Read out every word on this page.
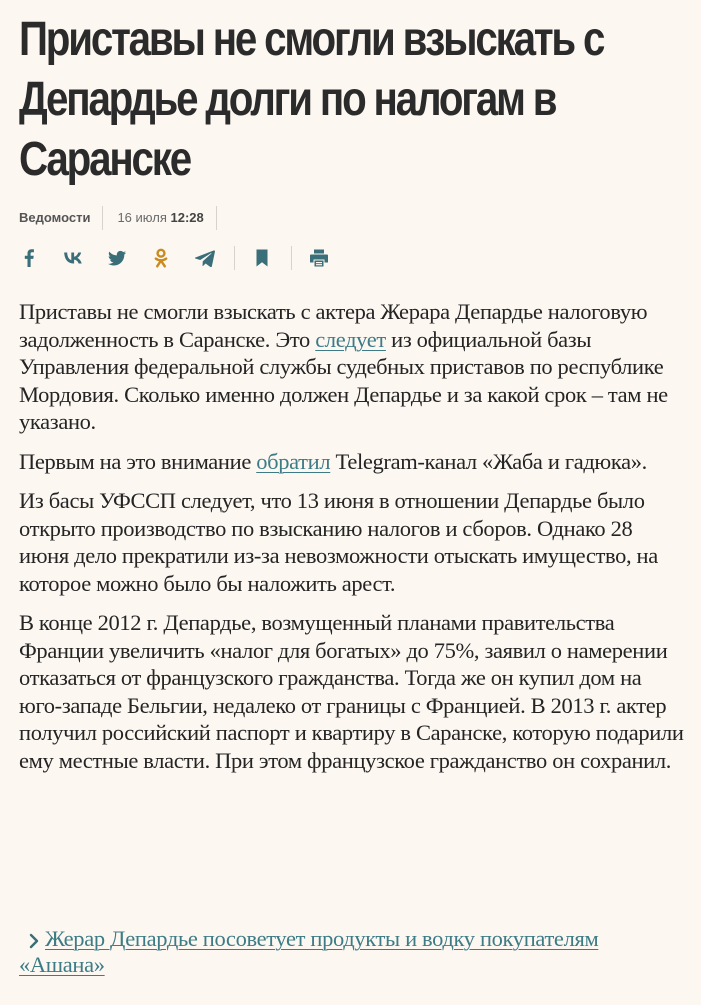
Приставы не смогли взыскать с Депардье долги по налогам в Саранске
Ведомости	16 июля 12:28

Приставы не смогли взыскать с актера Жерара Депардье налоговую задолженность в Саранске. Это следует из официальной базы Управления федеральной службы судебных приставов по республике Мордовия. Сколько именно должен Депардье и за какой срок – там не указано.

Первым на это внимание обратил Telegram-канал «Жаба и гадюка».

Из басы УФССП следует, что 13 июня в отношении Депардье было открыто производство по взысканию налогов и сборов. Однако 28 июня дело прекратили из-за невозможности отыскать имущество, на которое можно было бы наложить арест.

В конце 2012 г. Депардье, возмущенный планами правительства Франции увеличить «налог для богатых» до 75%, заявил о намерении отказаться от французского гражданства. Тогда же он купил дом на юго-западе Бельгии, недалеко от границы с Францией. В 2013 г. актер получил российский паспорт и квартиру в Саранске, которую подарили ему местные власти. При этом французское гражданство он сохранил.

Жерар Депардье посоветует продукты и водку покупателям «Ашана»
